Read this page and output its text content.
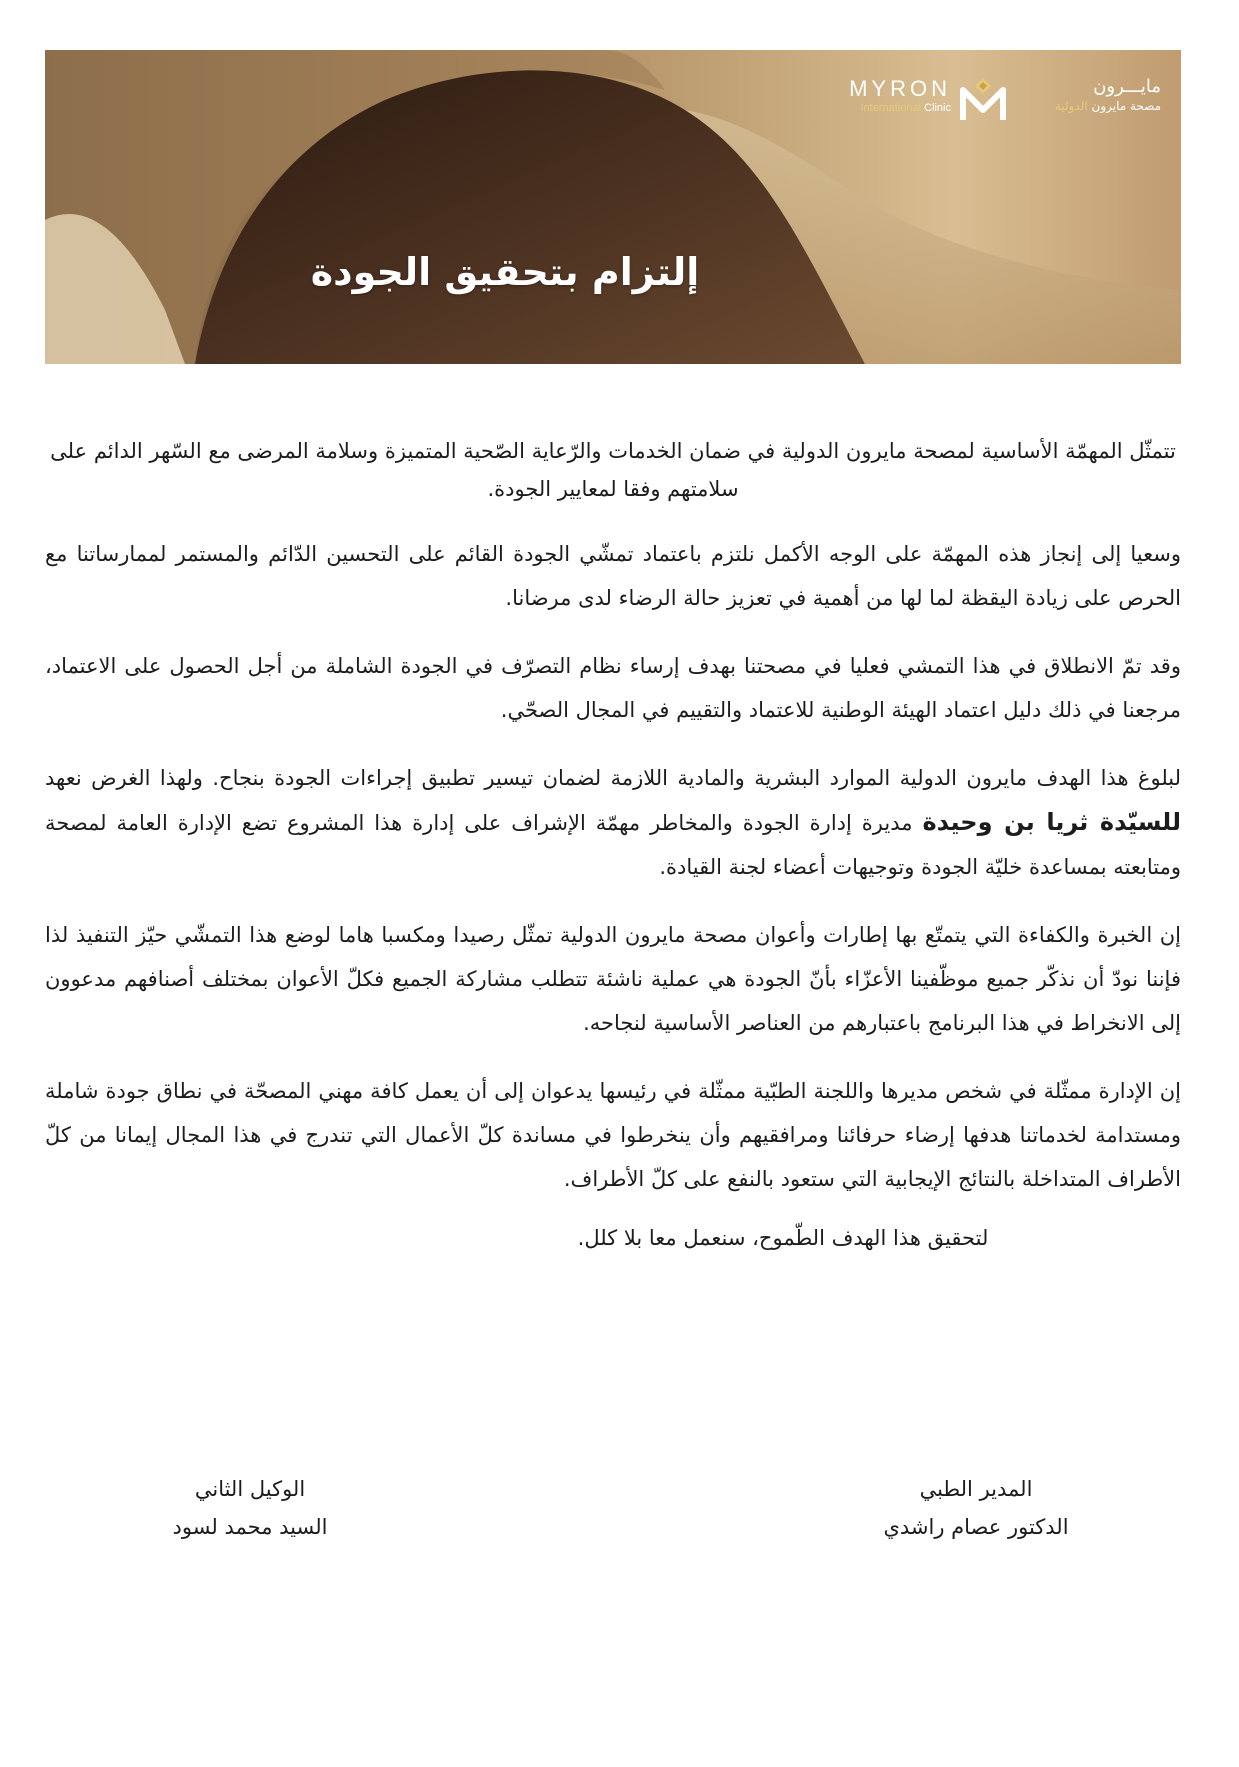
MYRON
International Clinic
مايـــرون
مصحة مايرون الدولية
إلتزام بتحقيق الجودة

تتمثّل المهمّة الأساسية لمصحة مايرون الدولية في ضمان الخدمات والرّعاية الصّحية المتميزة وسلامة المرضى مع السّهر الدائم على سلامتهم وفقا لمعايير الجودة.

وسعيا إلى إنجاز هذه المهمّة على الوجه الأكمل نلتزم باعتماد تمشّي الجودة القائم على التحسين الدّائم والمستمر لممارساتنا مع الحرص على زيادة اليقظة لما لها من أهمية في تعزيز حالة الرضاء لدى مرضانا.

وقد تمّ الانطلاق في هذا التمشي فعليا في مصحتنا بهدف إرساء نظام التصرّف في الجودة الشاملة من أجل الحصول على الاعتماد، مرجعنا في ذلك دليل اعتماد الهيئة الوطنية للاعتماد والتقييم في المجال الصحّي.

لبلوغ هذا الهدف مايرون الدولية الموارد البشرية والمادية اللازمة لضمان تيسير تطبيق إجراءات الجودة بنجاح. ولهذا الغرض نعهد للسيّدة ثريا بن وحيدة مديرة إدارة الجودة والمخاطر مهمّة الإشراف على إدارة هذا المشروع تضع الإدارة العامة لمصحة ومتابعته بمساعدة خليّة الجودة وتوجيهات أعضاء لجنة القيادة.

إن الخبرة والكفاءة التي يتمتّع بها إطارات وأعوان مصحة مايرون الدولية تمثّل رصيدا ومكسبا هاما لوضع هذا التمشّي حيّز التنفيذ لذا فإننا نودّ أن نذكّر جميع موظّفينا الأعزّاء بأنّ الجودة هي عملية ناشئة تتطلب مشاركة الجميع فكلّ الأعوان بمختلف أصنافهم مدعوون إلى الانخراط في هذا البرنامج باعتبارهم من العناصر الأساسية لنجاحه.

إن الإدارة ممثّلة في شخص مديرها واللجنة الطبّية ممثّلة في رئيسها يدعوان إلى أن يعمل كافة مهني المصحّة في نطاق جودة شاملة ومستدامة لخدماتنا هدفها إرضاء حرفائنا ومرافقيهم وأن ينخرطوا في مساندة كلّ الأعمال التي تندرج في هذا المجال إيمانا من كلّ الأطراف المتداخلة بالنتائج الإيجابية التي ستعود بالنفع على كلّ الأطراف.

لتحقيق هذا الهدف الطّموح، سنعمل معا بلا كلل.

المدير الطبي
الدكتور عصام راشدي
الوكيل الثاني
السيد محمد لسود
